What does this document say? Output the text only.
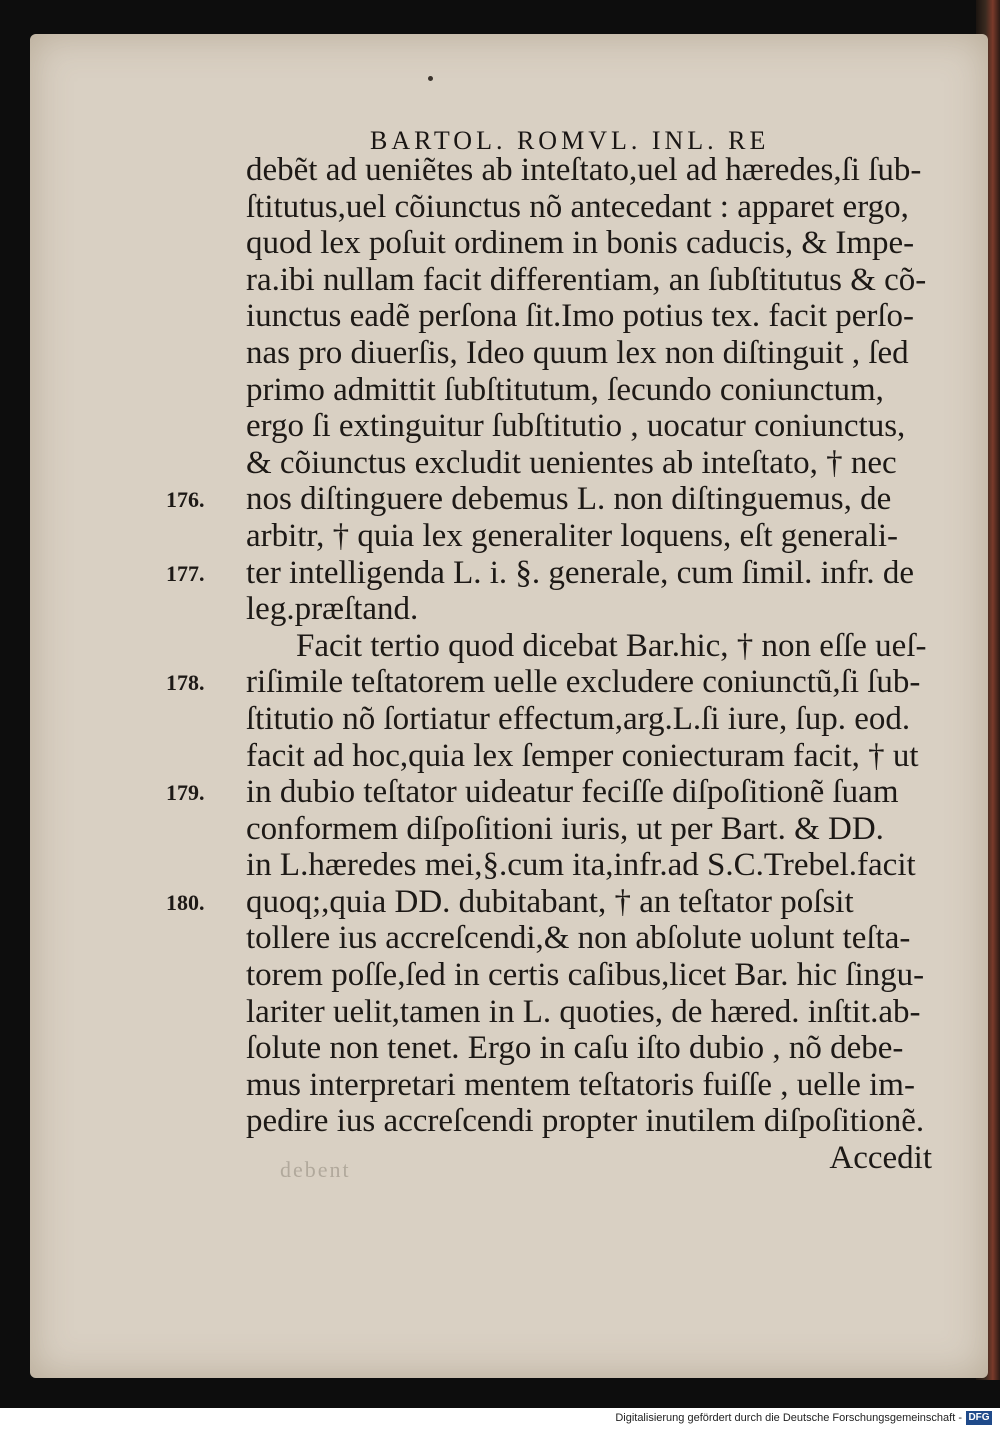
BARTOL. ROMVL. INL. RE
debẽt ad ueniẽtes ab inteſtato,uel ad hæredes,ſi ſub-
ſtitutus,uel cõiunctus nõ antecedant : apparet ergo,
quod lex poſuit ordinem in bonis caducis, & Impe-
ra.ibi nullam facit differentiam, an ſubſtitutus & cõ-
iunctus eadẽ perſona ſit.Imo potius tex. facit perſo-
nas pro diuerſis, Ideo quum lex non diſtinguit , ſed
primo admittit ſubſtitutum, ſecundo coniunctum,
ergo ſi extinguitur ſubſtitutio , uocatur coniunctus,
& cõiunctus excludit uenientes ab inteſtato, † nec
nos diſtinguere debemus L. non diſtinguemus, de
arbitr, † quia lex generaliter loquens, eſt generali-
ter intelligenda L. i. §. generale, cum ſimil. infr. de
leg.præſtand.
Facit tertio quod dicebat Bar.hic, † non eſſe ueſ-
riſimile teſtatorem uelle excludere coniunctũ,ſi ſub-
ſtitutio nõ ſortiatur effectum,arg.L.ſi iure, ſup. eod.
facit ad hoc,quia lex ſemper coniecturam facit, † ut
in dubio teſtator uideatur feciſſe diſpoſitionẽ ſuam
conformem diſpoſitioni iuris, ut per Bart. & DD.
in L.hæredes mei,§.cum ita,infr.ad S.C.Trebel.facit
quoq;,quia DD. dubitabant, † an teſtator poſsit
tollere ius accreſcendi,& non abſolute uolunt teſta-
torem poſſe,ſed in certis caſibus,licet Bar. hic ſingu-
lariter uelit,tamen in L. quoties, de hæred. inſtit.ab-
ſolute non tenet. Ergo in caſu iſto dubio , nõ debe-
mus interpretari mentem teſtatoris fuiſſe , uelle im-
pedire ius accreſcendi propter inutilem diſpoſitionẽ.
Accedit
176.
177.
178.
179.
180.
debent
Digitalisierung gefördert durch die Deutsche Forschungsgemeinschaft - DFG
